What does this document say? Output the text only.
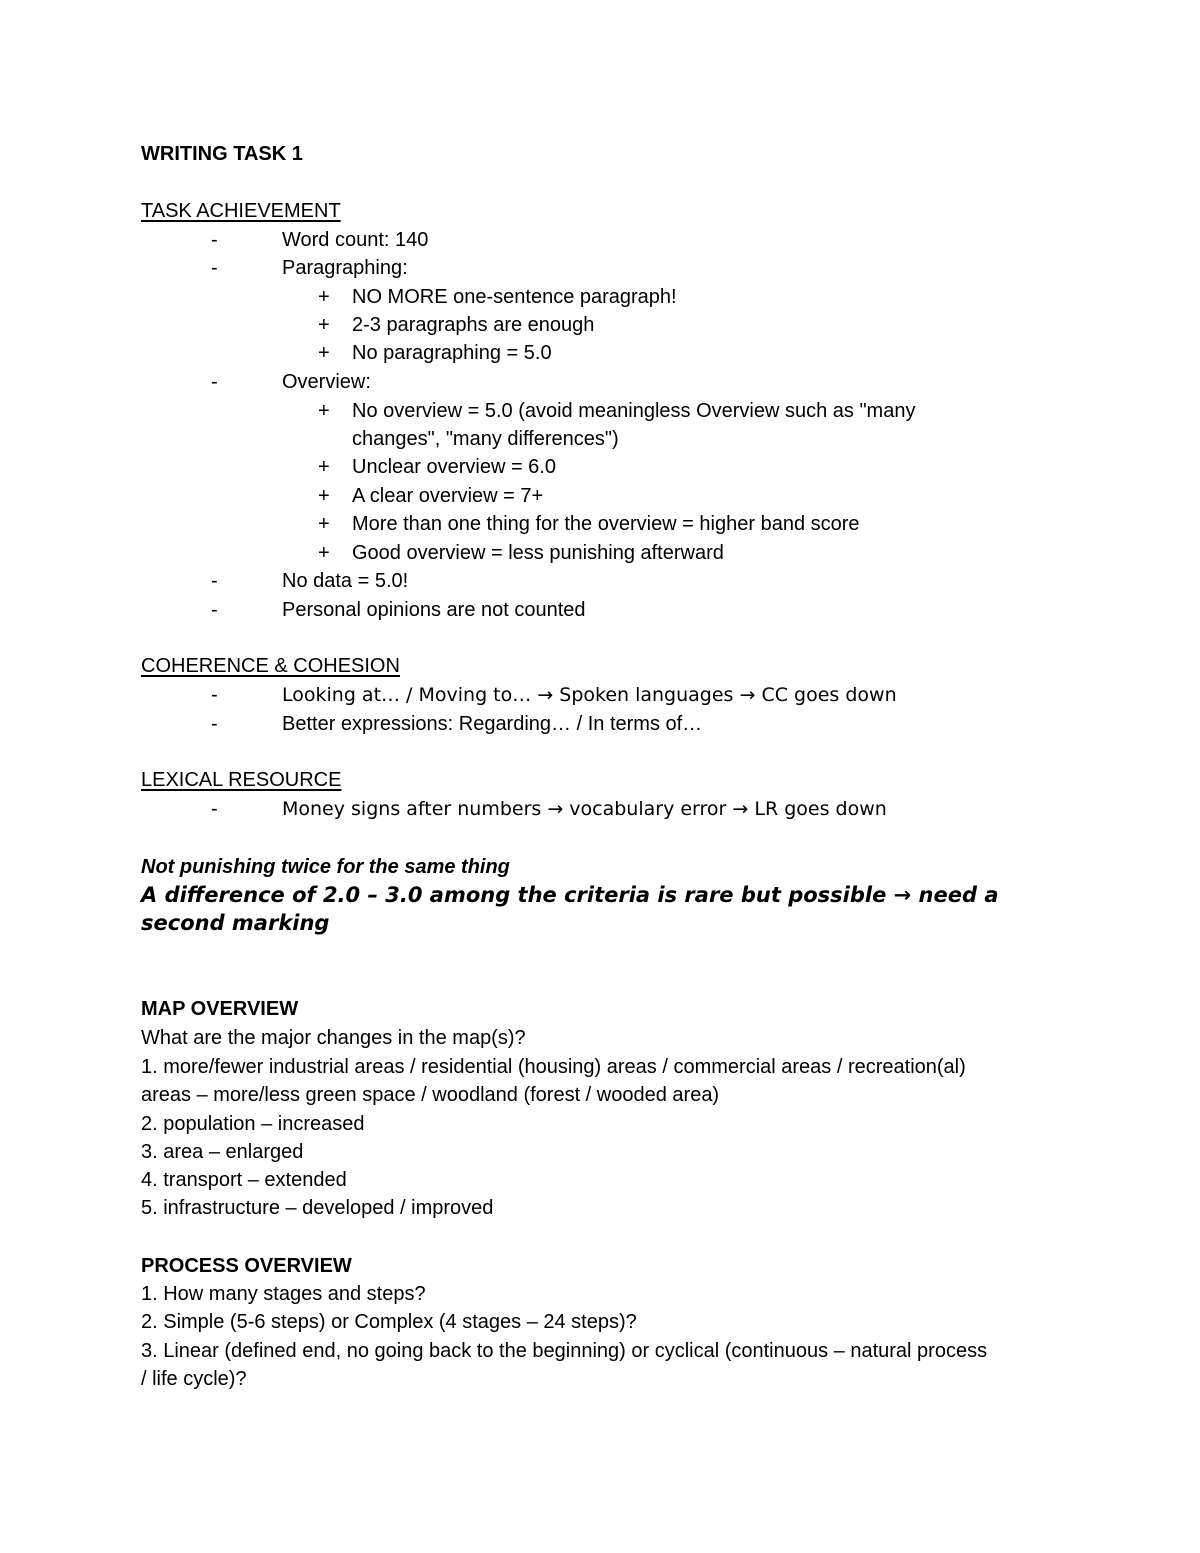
WRITING TASK 1
TASK ACHIEVEMENT
-	Word count: 140
-	Paragraphing:
+ NO MORE one-sentence paragraph!
+ 2-3 paragraphs are enough
+ No paragraphing = 5.0
-	Overview:
+ No overview = 5.0 (avoid meaningless Overview such as "many
changes", "many differences")
+ Unclear overview = 6.0
+ A clear overview = 7+
+ More than one thing for the overview = higher band score
+ Good overview = less punishing afterward
-	No data = 5.0!
-	Personal opinions are not counted
COHERENCE & COHESION
-	Looking at… / Moving to… → Spoken languages → CC goes down
-	Better expressions: Regarding… / In terms of…
LEXICAL RESOURCE
-	Money signs after numbers → vocabulary error → LR goes down
Not punishing twice for the same thing
A difference of 2.0 – 3.0 among the criteria is rare but possible → need a
second marking
MAP OVERVIEW
What are the major changes in the map(s)?
1. more/fewer industrial areas / residential (housing) areas / commercial areas / recreation(al)
areas – more/less green space / woodland (forest / wooded area)
2. population – increased
3. area – enlarged
4. transport – extended
5. infrastructure – developed / improved
PROCESS OVERVIEW
1. How many stages and steps?
2. Simple (5-6 steps) or Complex (4 stages – 24 steps)?
3. Linear (defined end, no going back to the beginning) or cyclical (continuous – natural process
/ life cycle)?
